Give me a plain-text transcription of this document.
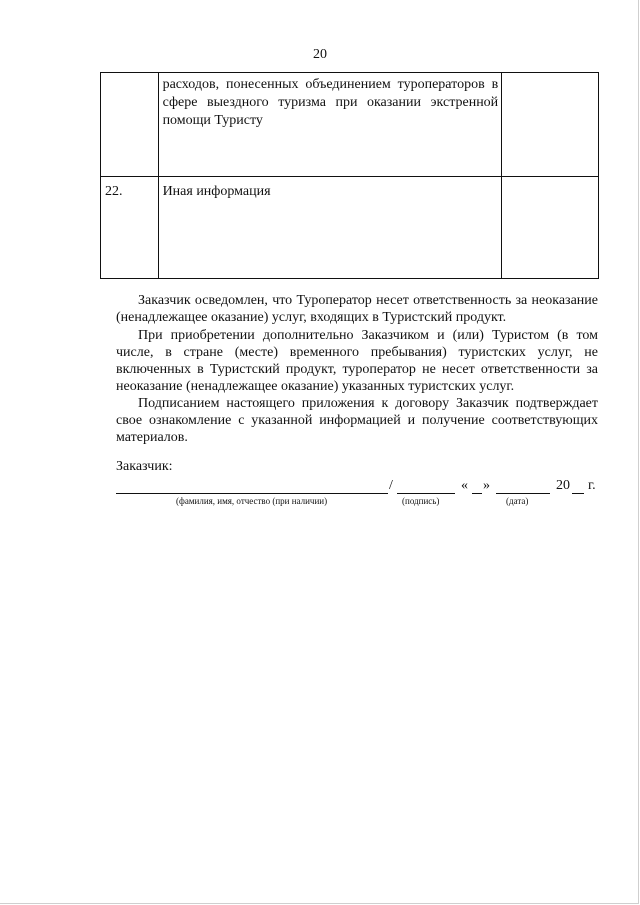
20
	расходов, понесенных объединением туроператоров в сфере выездного туризма при оказании экстренной помощи Туристу	
22.	Иная информация	
Заказчик осведомлен, что Туроператор несет ответственность за неоказание (ненадлежащее оказание) услуг, входящих в Туристский продукт.
При приобретении дополнительно Заказчиком и (или) Туристом (в том числе, в стране (месте) временного пребывания) туристских услуг, не включенных в Туристский продукт, туроператор не несет ответственности за неоказание (ненадлежащее оказание) указанных туристских услуг.
Подписанием настоящего приложения к договору Заказчик подтверждает свое ознакомление с указанной информацией и получение соответствующих материалов.
Заказчик:
/	« »	20 г.
(фамилия, имя, отчество (при наличии)	(подпись)	(дата)
